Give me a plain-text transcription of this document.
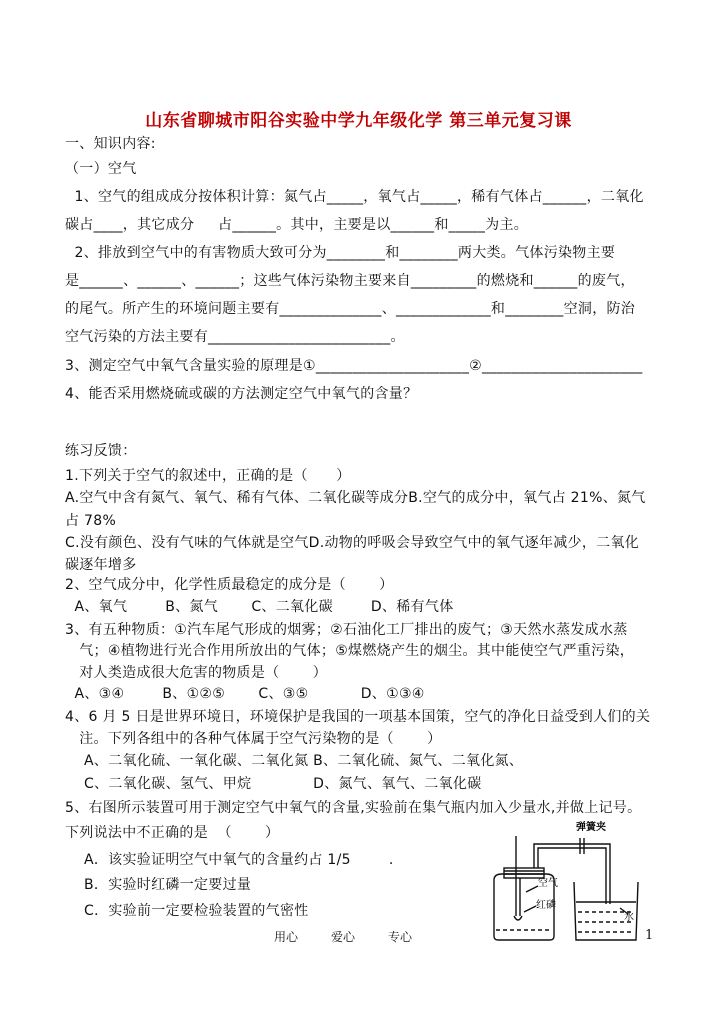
山东省聊城市阳谷实验中学九年级化学 第三单元复习课
一、知识内容:
（一）空气
1、空气的组成成分按体积计算：氮气占_____，氧气占_____，稀有气体占______，二氧化
碳占____，其它成分     占______。其中，主要是以______和_____为主。
2、排放到空气中的有害物质大致可分为________和________两大类。气体污染物主要
是______、______、______；这些气体污染物主要来自_________的燃烧和______的废气，
的尾气。所产生的环境问题主要有______________、_____________和________空洞，防治
空气污染的方法主要有_________________________。
3、测定空气中氧气含量实验的原理是①_____________________②______________________
4、能否采用燃烧硫或碳的方法测定空气中氧气的含量？
练习反馈：
1.下列关于空气的叙述中，正确的是（      ）
A.空气中含有氮气、氧气、稀有气体、二氧化碳等成分B.空气的成分中，氧气占 21%、氮气
占 78%
C.没有颜色、没有气味的气体就是空气D.动物的呼吸会导致空气中的氧气逐年减少，二氧化
碳逐年增多
2、空气成分中，化学性质最稳定的成分是（       ）
A、氧气        B、氮气       C、二氧化碳        D、稀有气体
3、有五种物质：①汽车尾气形成的烟雾；②石油化工厂排出的废气；③天然水蒸发成水蒸
气；④植物进行光合作用所放出的气体；⑤煤燃烧产生的烟尘。其中能使空气严重污染，
对人类造成很大危害的物质是（       ）
A、③④        B、①②⑤       C、③⑤           D、①③④
4、6 月 5 日是世界环境日，环境保护是我国的一项基本国策，空气的净化日益受到人们的关
注。下列各组中的各种气体属于空气污染物的是（       ）
A、二氧化硫、一氧化碳、二氧化氮 B、二氧化硫、氮气、二氧化氮、
C、二氧化碳、氢气、甲烷             D、氮气、氧气、二氧化碳
5、右图所示装置可用于测定空气中氧气的含量,实验前在集气瓶内加入少量水,并做上记号。
下列说法中不正确的是  （       ）
A．该实验证明空气中氧气的含量约占 1/5        .
B．实验时红磷一定要过量
C．实验前一定要检验装置的气密性
弹簧夹
空气
红磷
水
用心	爱心	专心	1
